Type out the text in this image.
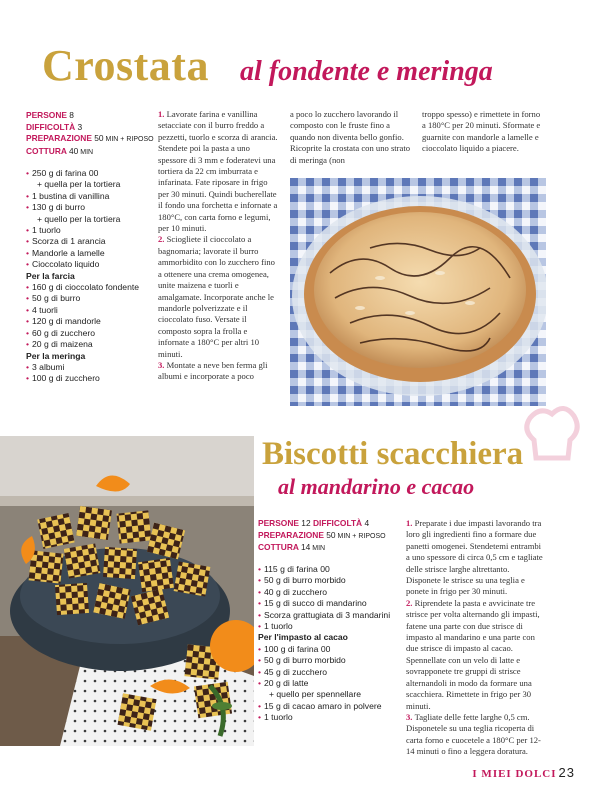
Crostata al fondente e meringa
PERSONE 8
DIFFICOLTÀ 3
PREPARAZIONE 50 MIN + RIPOSO
COTTURA 40 MIN
• 250 g di farina 00
+ quella per la tortiera
• 1 bustina di vanillina
• 130 g di burro
+ quello per la tortiera
• 1 tuorlo
• Scorza di 1 arancia
• Mandorle a lamelle
• Cioccolato liquido
Per la farcia
• 160 g di cioccolato fondente
• 50 g di burro
• 4 tuorli
• 120 g di mandorle
• 60 g di zucchero
• 20 g di maizena
Per la meringa
• 3 albumi
• 100 g di zucchero
1. Lavorate farina e vanillina setacciate con il burro freddo a pezzetti, tuorlo e scorza di arancia. Stendete poi la pasta a uno spessore di 3 mm e foderatevi una tortiera da 22 cm imburrata e infarinata. Fate riposare in frigo per 30 minuti. Quindi bucherellate il fondo una forchetta e infornate a 180°C, con carta forno e legumi, per 10 minuti.
2. Sciogliete il cioccolato a bagnomaria; lavorate il burro ammorbidito con lo zucchero fino a ottenere una crema omogenea, unite maizena e tuorli e amalgamate. Incorporate anche le mandorle polverizzate e il cioccolato fuso. Versate il composto sopra la frolla e infornate a 180°C per altri 10 minuti.
3. Montate a neve ben ferma gli albumi e incorporate a poco
a poco lo zucchero lavorando il composto con le fruste fino a quando non diventa bello gonfio. Ricoprite la crostata con uno strato di meringa (non
troppo spesso) e rimettete in forno a 180°C per 20 minuti. Sformate e guarnite con mandorle a lamelle e cioccolato liquido a piacere.
Biscotti scacchiera
al mandarino e cacao
PERSONE 12 DIFFICOLTÀ 4
PREPARAZIONE 50 MIN + RIPOSO
COTTURA 14 MIN
• 115 g di farina 00
• 50 g di burro morbido
• 40 g di zucchero
• 15 g di succo di mandarino
• Scorza grattugiata di 3 mandarini
• 1 tuorlo
Per l'impasto al cacao
• 100 g di farina 00
• 50 g di burro morbido
• 45 g di zucchero
• 20 g di latte
+ quello per spennellare
• 15 g di cacao amaro in polvere
• 1 tuorlo
1. Preparate i due impasti lavorando tra loro gli ingredienti fino a formare due panetti omogenei. Stendetemi entrambi a uno spessore di circa 0,5 cm e tagliate delle strisce larghe altrettanto. Disponete le strisce su una teglia e ponete in frigo per 30 minuti.
2. Riprendete la pasta e avvicinate tre strisce per volta alternando gli impasti, fatene una parte con due strisce di impasto al mandarino e una parte con due strisce di impasto al cacao. Spennellate con un velo di latte e sovrapponete tre gruppi di strisce alternandoli in modo da formare una scacchiera. Rimettete in frigo per 30 minuti.
3. Tagliate delle fette larghe 0,5 cm. Disponetele su una teglia ricoperta di carta forno e cuocetele a 180°C per 12-14 minuti o fino a leggera doratura.
I MIEI DOLCI 23
